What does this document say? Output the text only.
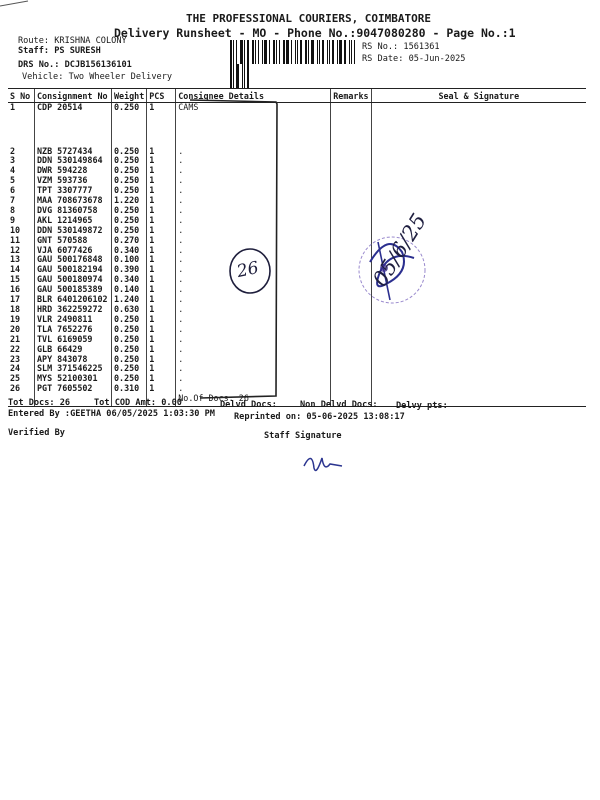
THE PROFESSIONAL COURIERS, COIMBATORE
Delivery Runsheet - MO - Phone No.:9047080280 - Page No.:1
Route: KRISHNA COLONY
Staff: PS SURESH
DRS No.: DCJB156136101
Vehicle: Two Wheeler Delivery
RS No.: 1561361
RS Date: 05-Jun-2025
S No	Consignment No	Weight	PCS	Consignee Details	Remarks	Seal & Signature
1	CDP 20514	0.250	1	CAMS		
2	NZB 5727434	0.250	1	.		
3	DDN 530149864	0.250	1	.		
4	DWR 594228	0.250	1	.		
5	VZM 593736	0.250	1	.		
6	TPT 3307777	0.250	1	.		
7	MAA 708673678	1.220	1	.		
8	DVG 81360758	0.250	1	.		
9	AKL 1214965	0.250	1	.		
10	DDN 530149872	0.250	1	.		
11	GNT 570588	0.270	1	.		
12	VJA 6077426	0.340	1	.		
13	GAU 500176848	0.100	1	.		
14	GAU 500182194	0.390	1	.		
15	GAU 500180974	0.340	1	.		
16	GAU 500185389	0.140	1	.		
17	BLR 6401206102	1.240	1	.		
18	HRD 362259272	0.630	1	.		
19	VLR 2490811	0.250	1	.		
20	TLA 7652276	0.250	1	.		
21	TVL 6169059	0.250	1	.		
22	GLB 66429	0.250	1	.		
23	APY 843078	0.250	1	.		
24	SLM 371546225	0.250	1	.		
25	MYS 52100301	0.250	1	.		
26	PGT 7605502	0.310	1	.		
				No.Of Docs: 26		
26	05/6/25
Tot Docs: 26	Tot COD Amt: 0.00	Delvd Docs:	Non Delvd Docs: Delvy pts:
Entered By :GEETHA 06/05/2025 1:03:30 PM Reprinted on: 05-06-2025 13:08:17
Verified By	Staff Signature
